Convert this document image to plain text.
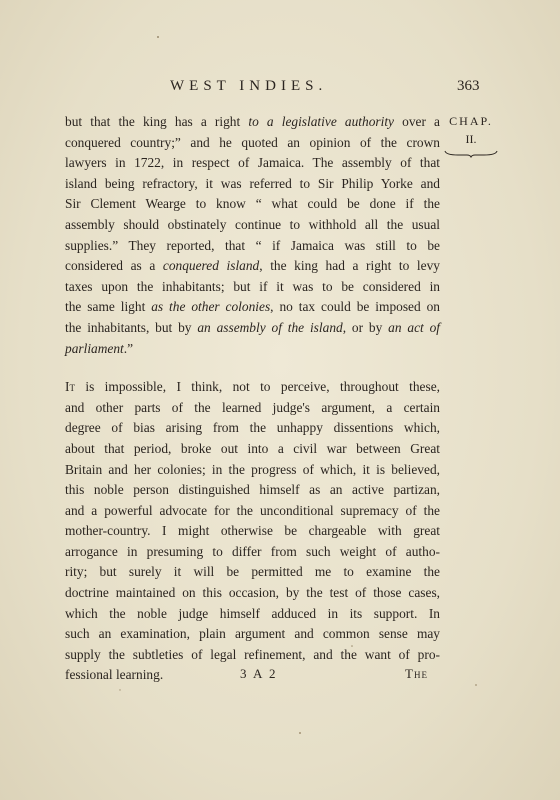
WEST INDIES.	363
CHAP.
II.

but that the king has a right to a legislative authority over a
conquered country;” and he quoted an opinion of the crown
lawyers in 1722, in respect of Jamaica. The assembly of that
island being refractory, it was referred to Sir Philip Yorke and
Sir Clement Wearge to know “ what could be done if the
assembly should obstinately continue to withhold all the usual
supplies.” They reported, that “ if Jamaica was still to be
considered as a conquered island, the king had a right to levy
taxes upon the inhabitants; but if it was to be considered in
the same light as the other colonies, no tax could be imposed on
the inhabitants, but by an assembly of the island, or by an act of
parliament.”

It is impossible, I think, not to perceive, throughout these,
and other parts of the learned judge's argument, a certain
degree of bias arising from the unhappy dissentions which,
about that period, broke out into a civil war between Great
Britain and her colonies; in the progress of which, it is believed,
this noble person distinguished himself as an active partizan,
and a powerful advocate for the unconditional supremacy of the
mother-country. I might otherwise be chargeable with great
arrogance in presuming to differ from such weight of autho-
rity; but surely it will be permitted me to examine the
doctrine maintained on this occasion, by the test of those cases,
which the noble judge himself adduced in its support. In
such an examination, plain argument and common sense may
supply the subtleties of legal refinement, and the want of pro-
fessional learning.	3 A 2	The
